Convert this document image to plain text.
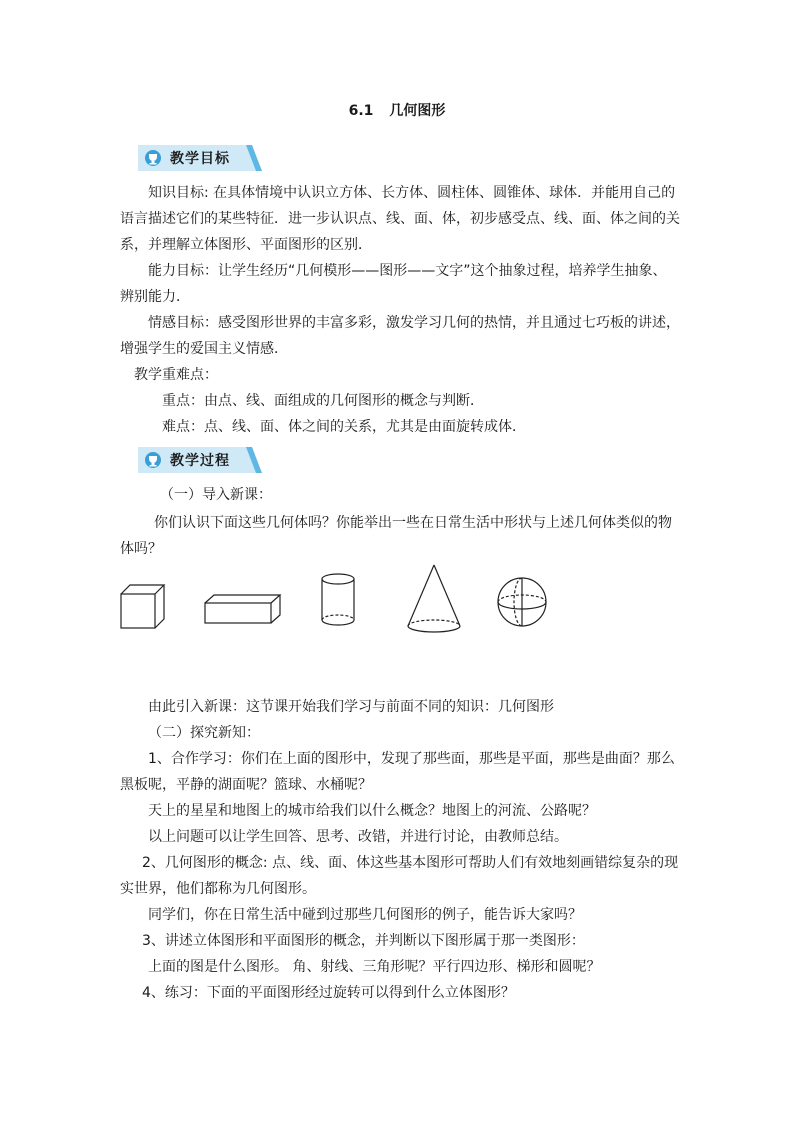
6.1 几何图形
教学目标
知识目标: 在具体情境中认识立方体、长方体、圆柱体、圆锥体、球体．并能用自己的语言描述它们的某些特征．进一步认识点、线、面、体，初步感受点、线、面、体之间的关系，并理解立体图形、平面图形的区别．
能力目标：让学生经历“几何模形——图形——文字”这个抽象过程，培养学生抽象、辨别能力．
情感目标：感受图形世界的丰富多彩，激发学习几何的热情，并且通过七巧板的讲述，增强学生的爱国主义情感．
教学重难点：
重点：由点、线、面组成的几何图形的概念与判断．
难点：点、线、面、体之间的关系，尤其是由面旋转成体．
教学过程
（一）导入新课：
你们认识下面这些几何体吗？你能举出一些在日常生活中形状与上述几何体类似的物体吗？
由此引入新课：这节课开始我们学习与前面不同的知识：几何图形
（二）探究新知：
1、合作学习：你们在上面的图形中，发现了那些面，那些是平面，那些是曲面？那么黑板呢，平静的湖面呢？篮球、水桶呢？
天上的星星和地图上的城市给我们以什么概念？地图上的河流、公路呢？
以上问题可以让学生回答、思考、改错，并进行讨论，由教师总结。
2、几何图形的概念: 点、线、面、体这些基本图形可帮助人们有效地刻画错综复杂的现实世界，他们都称为几何图形。
同学们，你在日常生活中碰到过那些几何图形的例子，能告诉大家吗？
3、讲述立体图形和平面图形的概念，并判断以下图形属于那一类图形：
上面的图是什么图形。 角、射线、三角形呢？平行四边形、梯形和圆呢？
4、练习：下面的平面图形经过旋转可以得到什么立体图形？
